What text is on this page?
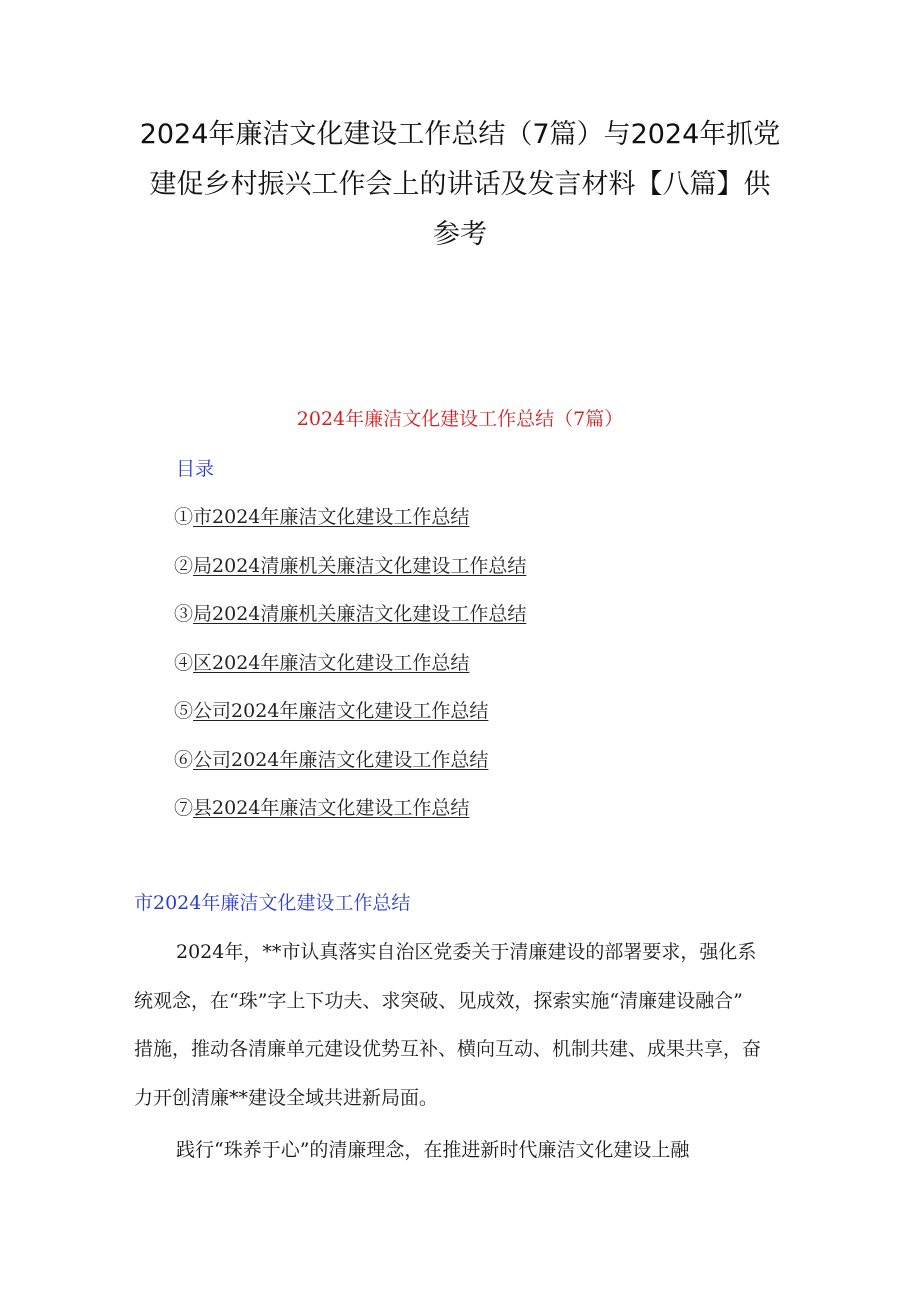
2024年廉洁文化建设工作总结（7篇）与2024年抓党
建促乡村振兴工作会上的讲话及发言材料【八篇】供
参考
2024年廉洁文化建设工作总结（7篇）
目录
①市2024年廉洁文化建设工作总结
②局2024清廉机关廉洁文化建设工作总结
③局2024清廉机关廉洁文化建设工作总结
④区2024年廉洁文化建设工作总结
⑤公司2024年廉洁文化建设工作总结
⑥公司2024年廉洁文化建设工作总结
⑦县2024年廉洁文化建设工作总结
市2024年廉洁文化建设工作总结
2024年，**市认真落实自治区党委关于清廉建设的部署要求，强化系
统观念，在“珠”字上下功夫、求突破、见成效，探索实施“清廉建设融合”
措施，推动各清廉单元建设优势互补、横向互动、机制共建、成果共享，奋
力开创清廉**建设全域共进新局面。
践行“珠养于心”的清廉理念，在推进新时代廉洁文化建设上融
